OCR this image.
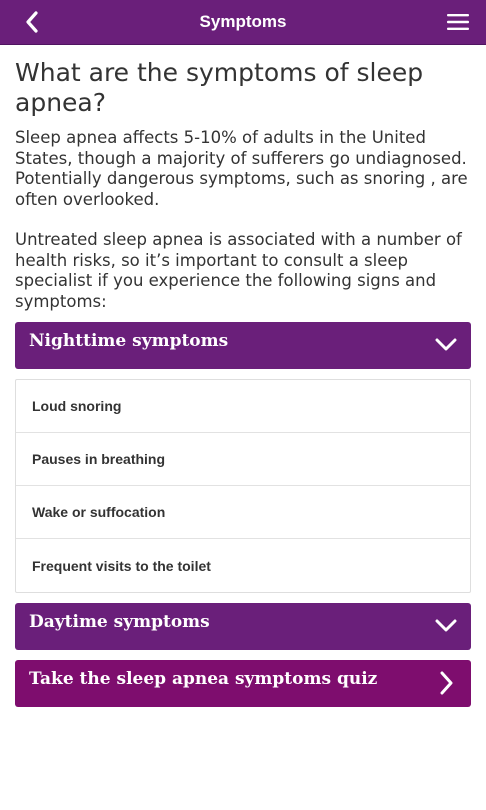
Symptoms
What are the symptoms of sleep apnea?

Sleep apnea affects 5-10% of adults in the United States, though a majority of sufferers go undiagnosed. Potentially dangerous symptoms, such as snoring , are often overlooked.

Untreated sleep apnea is associated with a number of health risks, so it’s important to consult a sleep specialist if you experience the following signs and symptoms:

Nighttime symptoms
Loud snoring
Pauses in breathing
Wake or suffocation
Frequent visits to the toilet
Daytime symptoms
Take the sleep apnea symptoms quiz
